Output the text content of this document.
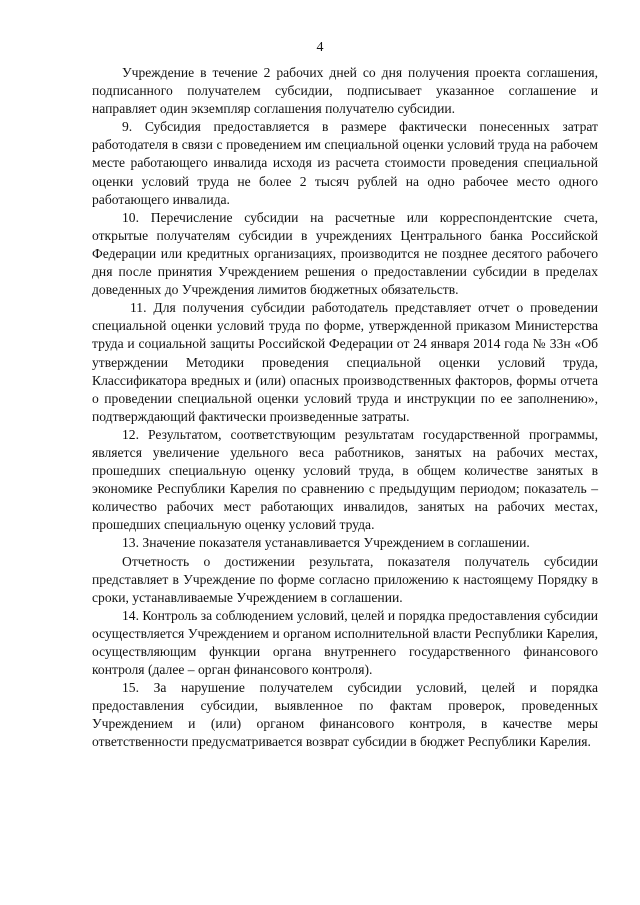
4

Учреждение в течение 2 рабочих дней со дня получения проекта соглашения, подписанного получателем субсидии, подписывает указанное соглашение и направляет один экземпляр соглашения получателю субсидии.

9. Субсидия предоставляется в размере фактически понесенных затрат работодателя в связи с проведением им специальной оценки условий труда на рабочем месте работающего инвалида исходя из расчета стоимости проведения специальной оценки условий труда не более 2 тысяч рублей на одно рабочее место одного работающего инвалида.

10. Перечисление субсидии на расчетные или корреспондентские счета, открытые получателям субсидии в учреждениях Центрального банка Российской Федерации или кредитных организациях, производится не позднее десятого рабочего дня после принятия Учреждением решения о предоставлении субсидии в пределах доведенных до Учреждения лимитов бюджетных обязательств.

11. Для получения субсидии работодатель представляет отчет о проведении специальной оценки условий труда по форме, утвержденной приказом Министерства труда и социальной защиты Российской Федерации от 24 января 2014 года № 33н «Об утверждении Методики проведения специальной оценки условий труда, Классификатора вредных и (или) опасных производственных факторов, формы отчета о проведении специальной оценки условий труда и инструкции по ее заполнению», подтверждающий фактически произведенные затраты.

12. Результатом, соответствующим результатам государственной программы, является увеличение удельного веса работников, занятых на рабочих местах, прошедших специальную оценку условий труда, в общем количестве занятых в экономике Республики Карелия по сравнению с предыдущим периодом; показатель – количество рабочих мест работающих инвалидов, занятых на рабочих местах, прошедших специальную оценку условий труда.

13. Значение показателя устанавливается Учреждением в соглашении.

Отчетность о достижении результата, показателя получатель субсидии представляет в Учреждение по форме согласно приложению к настоящему Порядку в сроки, устанавливаемые Учреждением в соглашении.

14. Контроль за соблюдением условий, целей и порядка предоставления субсидии осуществляется Учреждением и органом исполнительной власти Республики Карелия, осуществляющим функции органа внутреннего государственного финансового контроля (далее – орган финансового контроля).

15. За нарушение получателем субсидии условий, целей и порядка предоставления субсидии, выявленное по фактам проверок, проведенных Учреждением и (или) органом финансового контроля, в качестве меры ответственности предусматривается возврат субсидии в бюджет Республики Карелия.
